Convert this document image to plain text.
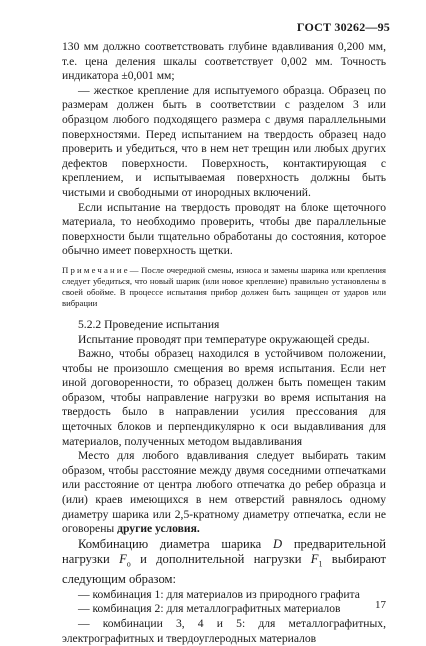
ГОСТ 30262—95

130 мм должно соответствовать глубине вдавливания 0,200 мм, т.е. цена деления шкалы соответствует 0,002 мм. Точность индикатора ±0,001 мм;

— жесткое крепление для испытуемого образца. Образец по размерам должен быть в соответствии с разделом 3 или образцом любого подходящего размера с двумя параллельными поверхностями. Перед испытанием на твердость образец надо проверить и убедиться, что в нем нет трещин или любых других дефектов поверхности. Поверхность, контактирующая с креплением, и испытываемая поверхность должны быть чистыми и свободными от инородных включений.

Если испытание на твердость проводят на блоке щеточного материала, то необходимо проверить, чтобы две параллельные поверхности были тщательно обработаны до состояния, которое обычно имеет поверхность щетки.

Примечание— После очередной смены, износа и замены шарика или крепления следует убедиться, что новый шарик (или новое крепление) правильно установлены в своей обойме. В процессе испытания прибор должен быть защищен от ударов или вибрации

5.2.2 Проведение испытания

Испытание проводят при температуре окружающей среды.

Важно, чтобы образец находился в устойчивом положении, чтобы не произошло смещения во время испытания. Если нет иной договоренности, то образец должен быть помещен таким образом, чтобы направление нагрузки во время испытания на твердость было в направлении усилия прессования для щеточных блоков и перпендикулярно к оси выдавливания для материалов, полученных методом выдавливания

Место для любого вдавливания следует выбирать таким образом, чтобы расстояние между двумя соседними отпечатками или расстояние от центра любого отпечатка до ребер образца и (или) краев имеющихся в нем отверстий равнялось одному диаметру шарика или 2,5-кратному диаметру отпечатка, если не оговорены другие условия.

Комбинацию диаметра шарика D предварительной нагрузки $F_o$ и дополнительной нагрузки $F_1$ выбирают следующим образом:

— комбинация 1: для материалов из природного графита

— комбинация 2: для металлографитных материалов

— комбинации 3, 4 и 5: для металлографитных, электрографитных и твердоуглеродных материалов

17
